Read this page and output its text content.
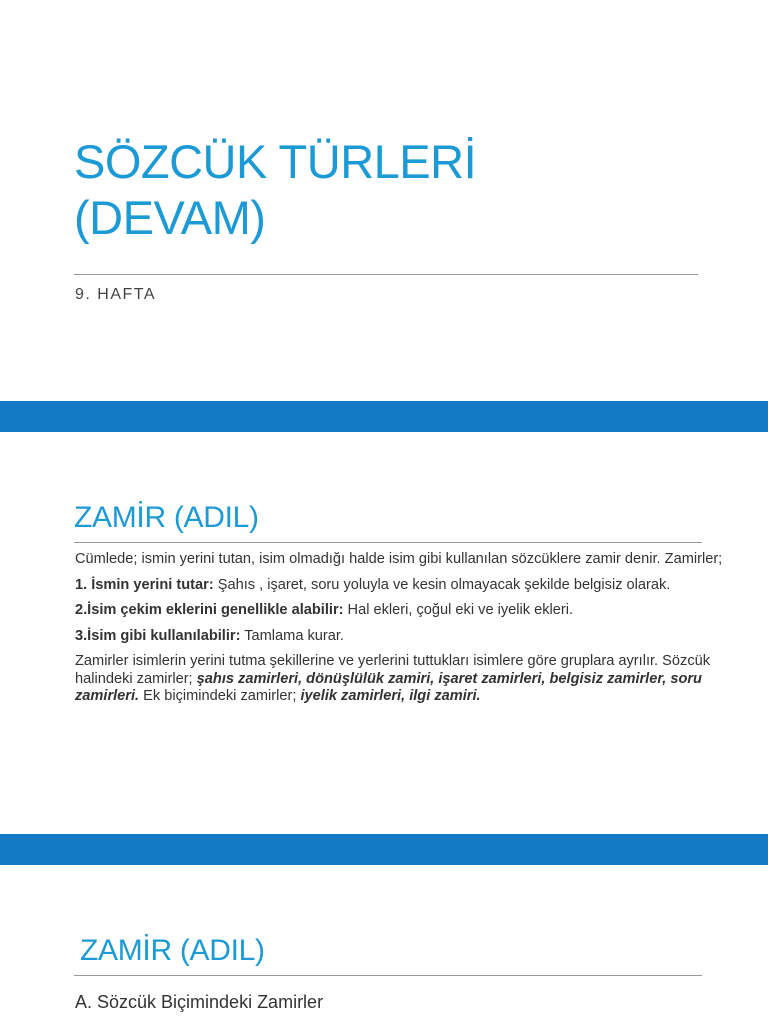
SÖZCÜK TÜRLERİ
(DEVAM)
9. HAFTA
ZAMİR (ADIL)

Cümlede; ismin yerini tutan, isim olmadığı halde isim gibi kullanılan sözcüklere zamir denir. Zamirler;

1. İsmin yerini tutar: Şahıs , işaret, soru yoluyla ve kesin olmayacak şekilde belgisiz olarak.

2.İsim çekim eklerini genellikle alabilir: Hal ekleri, çoğul eki ve iyelik ekleri.

3.İsim gibi kullanılabilir: Tamlama kurar.

Zamirler isimlerin yerini tutma şekillerine ve yerlerini tuttukları isimlere göre gruplara ayrılır. Sözcük halindeki zamirler; şahıs zamirleri, dönüşlülük zamiri, işaret zamirleri, belgisiz zamirler, soru zamirleri. Ek biçimindeki zamirler; iyelik zamirleri, ilgi zamiri.

ZAMİR (ADIL)
A. Sözcük Biçimindeki Zamirler
